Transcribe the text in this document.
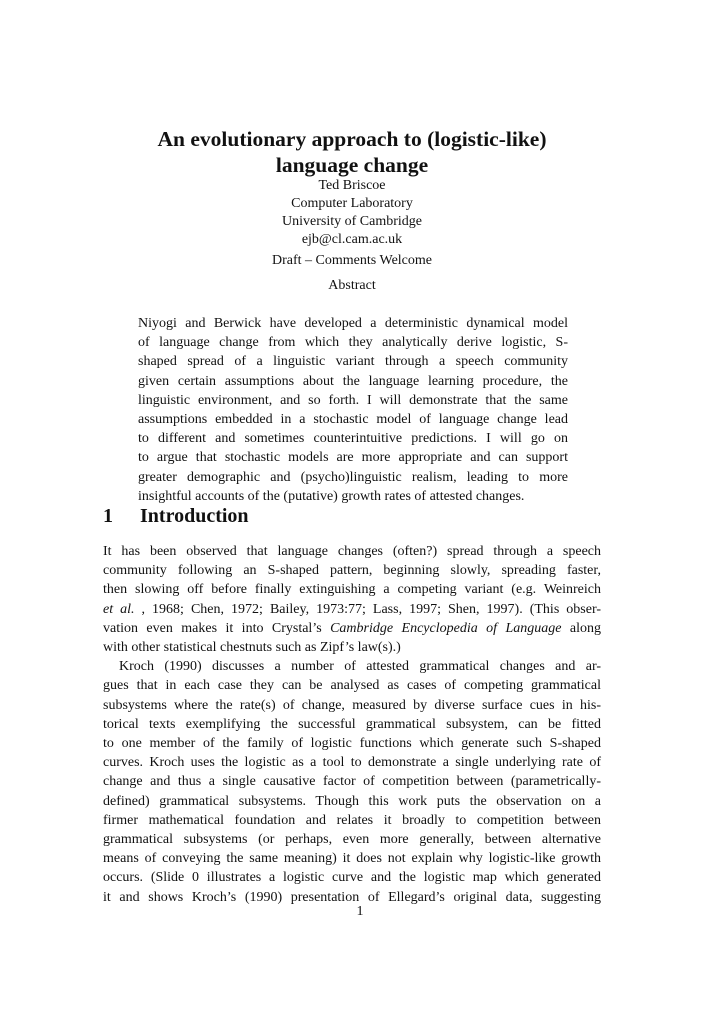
An evolutionary approach to (logistic-like)
language change
Ted Briscoe
Computer Laboratory
University of Cambridge
ejb@cl.cam.ac.uk
Draft – Comments Welcome
Abstract
Niyogi and Berwick have developed a deterministic dynamical model
of language change from which they analytically derive logistic, S-
shaped spread of a linguistic variant through a speech community
given certain assumptions about the language learning procedure, the
linguistic environment, and so forth. I will demonstrate that the same
assumptions embedded in a stochastic model of language change lead
to different and sometimes counterintuitive predictions. I will go on
to argue that stochastic models are more appropriate and can support
greater demographic and (psycho)linguistic realism, leading to more
insightful accounts of the (putative) growth rates of attested changes.
1 Introduction
It has been observed that language changes (often?) spread through a speech
community following an S-shaped pattern, beginning slowly, spreading faster,
then slowing off before finally extinguishing a competing variant (e.g. Weinreich
et al. , 1968; Chen, 1972; Bailey, 1973:77; Lass, 1997; Shen, 1997). (This obser-
vation even makes it into Crystal’s Cambridge Encyclopedia of Language along
with other statistical chestnuts such as Zipf’s law(s).)
Kroch (1990) discusses a number of attested grammatical changes and ar-
gues that in each case they can be analysed as cases of competing grammatical
subsystems where the rate(s) of change, measured by diverse surface cues in his-
torical texts exemplifying the successful grammatical subsystem, can be fitted
to one member of the family of logistic functions which generate such S-shaped
curves. Kroch uses the logistic as a tool to demonstrate a single underlying rate of
change and thus a single causative factor of competition between (parametrically-
defined) grammatical subsystems. Though this work puts the observation on a
firmer mathematical foundation and relates it broadly to competition between
grammatical subsystems (or perhaps, even more generally, between alternative
means of conveying the same meaning) it does not explain why logistic-like growth
occurs. (Slide 0 illustrates a logistic curve and the logistic map which generated
it and shows Kroch’s (1990) presentation of Ellegard’s original data, suggesting
1
